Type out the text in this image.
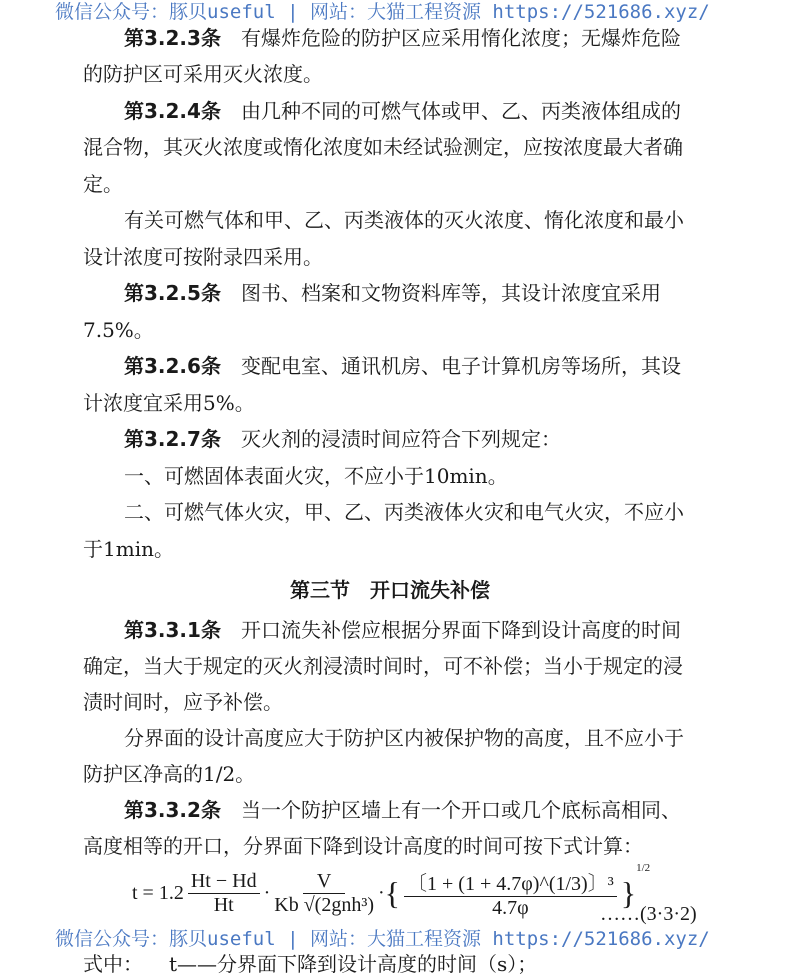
微信公众号：豚贝useful | 网站：大猫工程资源 https://521686.xyz/
第3.2.3条 有爆炸危险的防护区应采用惰化浓度；无爆炸危险
的防护区可采用灭火浓度。
第3.2.4条 由几种不同的可燃气体或甲、乙、丙类液体组成的
混合物，其灭火浓度或惰化浓度如未经试验测定，应按浓度最大者确
定。
有关可燃气体和甲、乙、丙类液体的灭火浓度、惰化浓度和最小
设计浓度可按附录四采用。
第3.2.5条 图书、档案和文物资料库等，其设计浓度宜采用
7.5%。
第3.2.6条 变配电室、通讯机房、电子计算机房等场所，其设
计浓度宜采用5%。
第3.2.7条 灭火剂的浸渍时间应符合下列规定：
一、可燃固体表面火灾，不应小于10min。
二、可燃气体火灾，甲、乙、丙类液体火灾和电气火灾，不应小
于1min。
第三节　开口流失补偿
第3.3.1条 开口流失补偿应根据分界面下降到设计高度的时间
确定，当大于规定的灭火剂浸渍时间时，可不补偿；当小于规定的浸
渍时间时，应予补偿。
分界面的设计高度应大于防护区内被保护物的高度，且不应小于
防护区净高的1/2。
第3.3.2条 当一个防护区墙上有一个开口或几个底标高相同、
高度相等的开口，分界面下降到设计高度的时间可按下式计算：
$t = 1.2 \frac{Ht - Hd}{Ht} \cdot \frac{V}{\text{Kb √(2gnh³)}}$ · { $\frac{\text{〔1 + (1 + 4.7φ)\textasciicircum{}(1/3)〕³}}{4.7\varphi}$ }
1/2
……(3·3·2)
微信公众号：豚贝useful | 网站：大猫工程资源 https://521686.xyz/
式中： t——分界面下降到设计高度的时间（s）；
